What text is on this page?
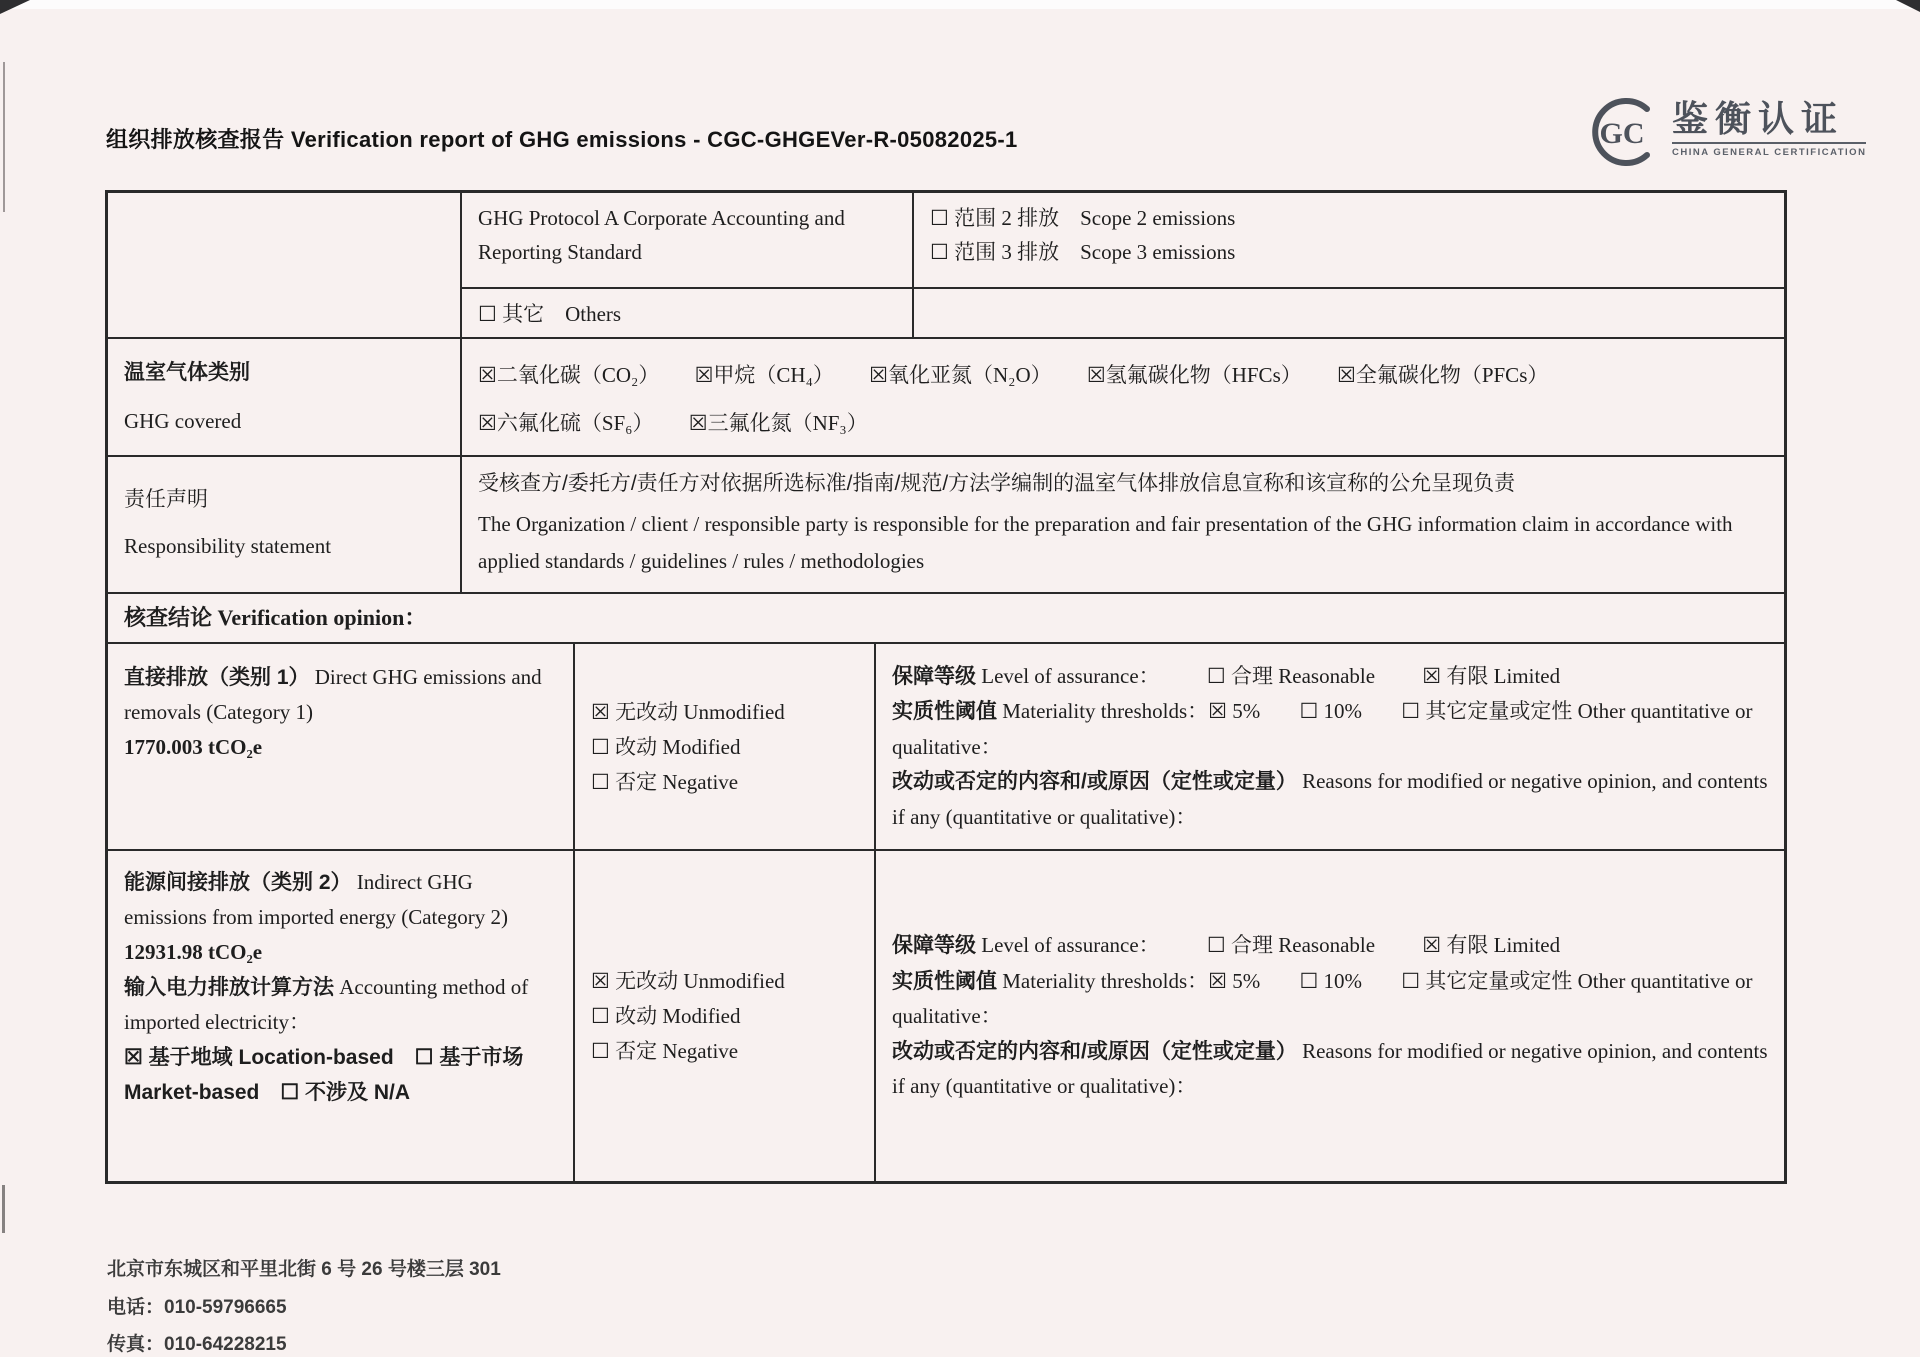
GC 鉴衡认证
CHINA GENERAL CERTIFICATION
组织排放核查报告 Verification report of GHG emissions - CGC-GHGEVer-R-05082025-1
GHG Protocol A Corporate Accounting and Reporting Standard
☐ 范围 2 排放　Scope 2 emissions
☐ 范围 3 排放　Scope 3 emissions
☐ 其它　Others
温室气体类别
GHG covered
☒二氧化碳（CO₂） ☒甲烷（CH₄） ☒氧化亚氮（N₂O） ☒氢氟碳化物（HFCs） ☒全氟碳化物（PFCs） ☒六氟化硫（SF₆） ☒三氟化氮（NF₃）
责任声明
Responsibility statement

受核查方/委托方/责任方对依据所选标准/指南/规范/方法学编制的温室气体排放信息宣称和该宣称的公允呈现负责

The Organization / client / responsible party is responsible for the preparation and fair presentation of the GHG information claim in accordance with applied standards / guidelines / rules / methodologies

核查结论 Verification opinion：

直接排放（类别 1） Direct GHG emissions and removals (Category 1)

1770.003 tCO₂e
☒ 无改动 Unmodified
☐ 改动 Modified
☐ 否定 Negative

保障等级 Level of assurance： ☐ 合理 Reasonable ☒ 有限 Limited

实质性阈值 Materiality thresholds：☒ 5% ☐ 10% ☐ 其它定量或定性 Other quantitative or qualitative：

改动或否定的内容和/或原因（定性或定量） Reasons for modified or negative opinion, and contents if any (quantitative or qualitative)：

能源间接排放（类别 2） Indirect GHG emissions from imported energy (Category 2)

12931.98 tCO₂e

输入电力排放计算方法 Accounting method of imported electricity：

☒ 基于地域 Location-based　☐ 基于市场 Market-based　☐ 不涉及 N/A

☒ 无改动 Unmodified
☐ 改动 Modified
☐ 否定 Negative

保障等级 Level of assurance： ☐ 合理 Reasonable ☒ 有限 Limited

实质性阈值 Materiality thresholds：☒ 5% ☐ 10% ☐ 其它定量或定性 Other quantitative or qualitative：

改动或否定的内容和/或原因（定性或定量） Reasons for modified or negative opinion, and contents if any (quantitative or qualitative)：

北京市东城区和平里北街 6 号 26 号楼三层 301
电话：010-59796665
传真：010-64228215
